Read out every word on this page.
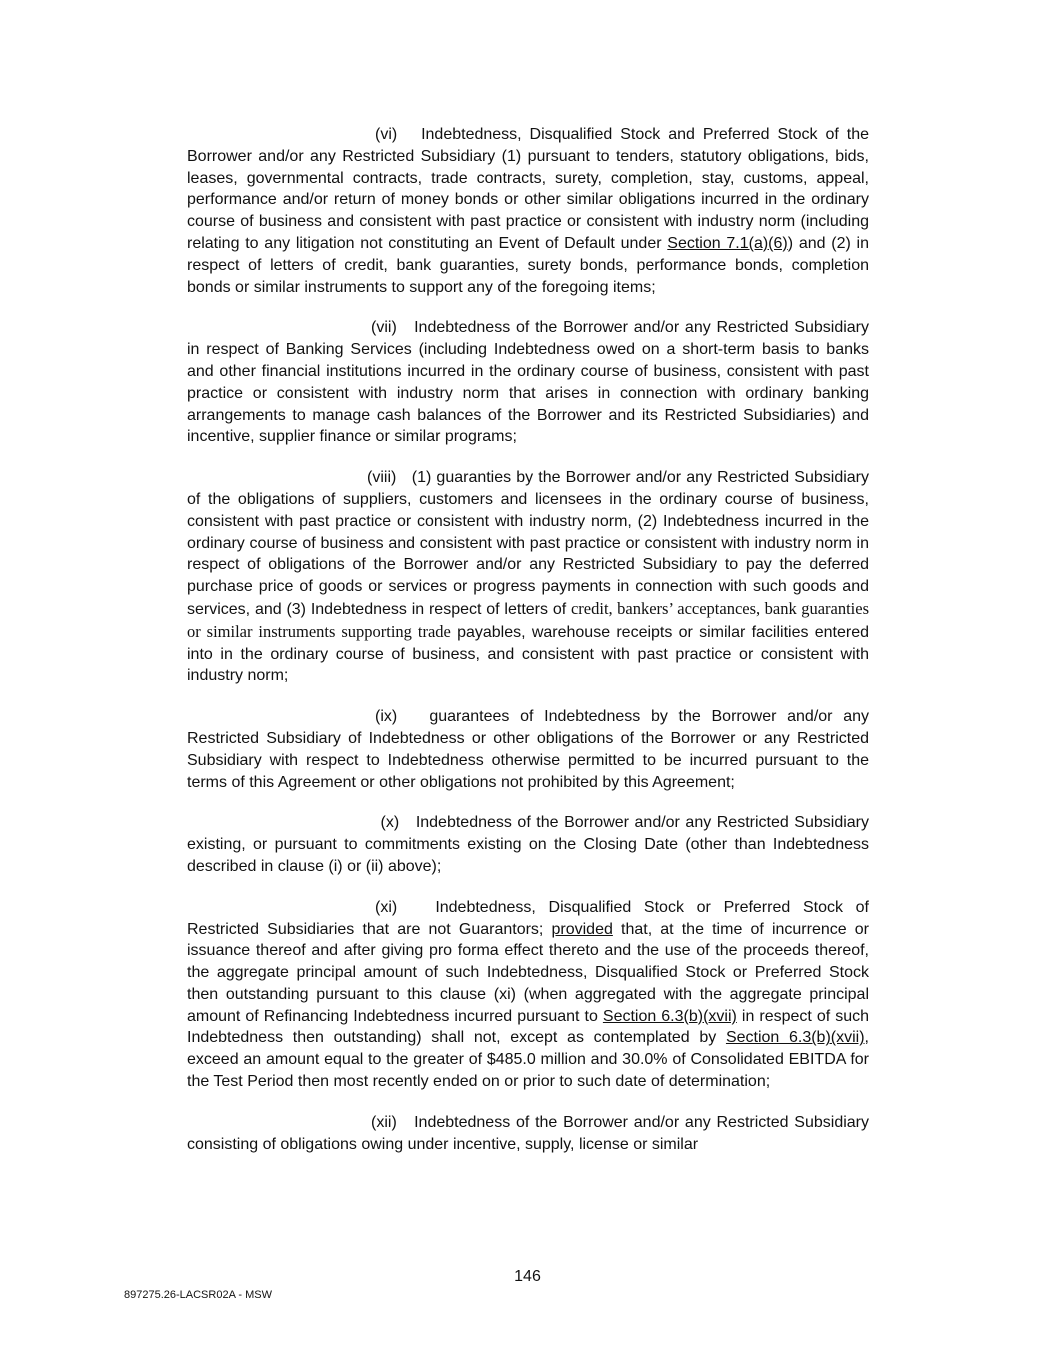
(vi) Indebtedness, Disqualified Stock and Preferred Stock of the Borrower and/or any Restricted Subsidiary (1) pursuant to tenders, statutory obligations, bids, leases, governmental contracts, trade contracts, surety, completion, stay, customs, appeal, performance and/or return of money bonds or other similar obligations incurred in the ordinary course of business and consistent with past practice or consistent with industry norm (including relating to any litigation not constituting an Event of Default under Section 7.1(a)(6)) and (2) in respect of letters of credit, bank guaranties, surety bonds, performance bonds, completion bonds or similar instruments to support any of the foregoing items;

(vii) Indebtedness of the Borrower and/or any Restricted Subsidiary in respect of Banking Services (including Indebtedness owed on a short-term basis to banks and other financial institutions incurred in the ordinary course of business, consistent with past practice or consistent with industry norm that arises in connection with ordinary banking arrangements to manage cash balances of the Borrower and its Restricted Subsidiaries) and incentive, supplier finance or similar programs;

(viii) (1) guaranties by the Borrower and/or any Restricted Subsidiary of the obligations of suppliers, customers and licensees in the ordinary course of business, consistent with past practice or consistent with industry norm, (2) Indebtedness incurred in the ordinary course of business and consistent with past practice or consistent with industry norm in respect of obligations of the Borrower and/or any Restricted Subsidiary to pay the deferred purchase price of goods or services or progress payments in connection with such goods and services, and (3) Indebtedness in respect of letters of credit, bankers’ acceptances, bank guaranties or similar instruments supporting trade payables, warehouse receipts or similar facilities entered into in the ordinary course of business, and consistent with past practice or consistent with industry norm;

(ix) guarantees of Indebtedness by the Borrower and/or any Restricted Subsidiary of Indebtedness or other obligations of the Borrower or any Restricted Subsidiary with respect to Indebtedness otherwise permitted to be incurred pursuant to the terms of this Agreement or other obligations not prohibited by this Agreement;

(x) Indebtedness of the Borrower and/or any Restricted Subsidiary existing, or pursuant to commitments existing on the Closing Date (other than Indebtedness described in clause (i) or (ii) above);

(xi) Indebtedness, Disqualified Stock or Preferred Stock of Restricted Subsidiaries that are not Guarantors; provided that, at the time of incurrence or issuance thereof and after giving pro forma effect thereto and the use of the proceeds thereof, the aggregate principal amount of such Indebtedness, Disqualified Stock or Preferred Stock then outstanding pursuant to this clause (xi) (when aggregated with the aggregate principal amount of Refinancing Indebtedness incurred pursuant to Section 6.3(b)(xvii) in respect of such Indebtedness then outstanding) shall not, except as contemplated by Section 6.3(b)(xvii), exceed an amount equal to the greater of $485.0 million and 30.0% of Consolidated EBITDA for the Test Period then most recently ended on or prior to such date of determination;

(xii) Indebtedness of the Borrower and/or any Restricted Subsidiary consisting of obligations owing under incentive, supply, license or similar

146
897275.26-LACSR02A - MSW
